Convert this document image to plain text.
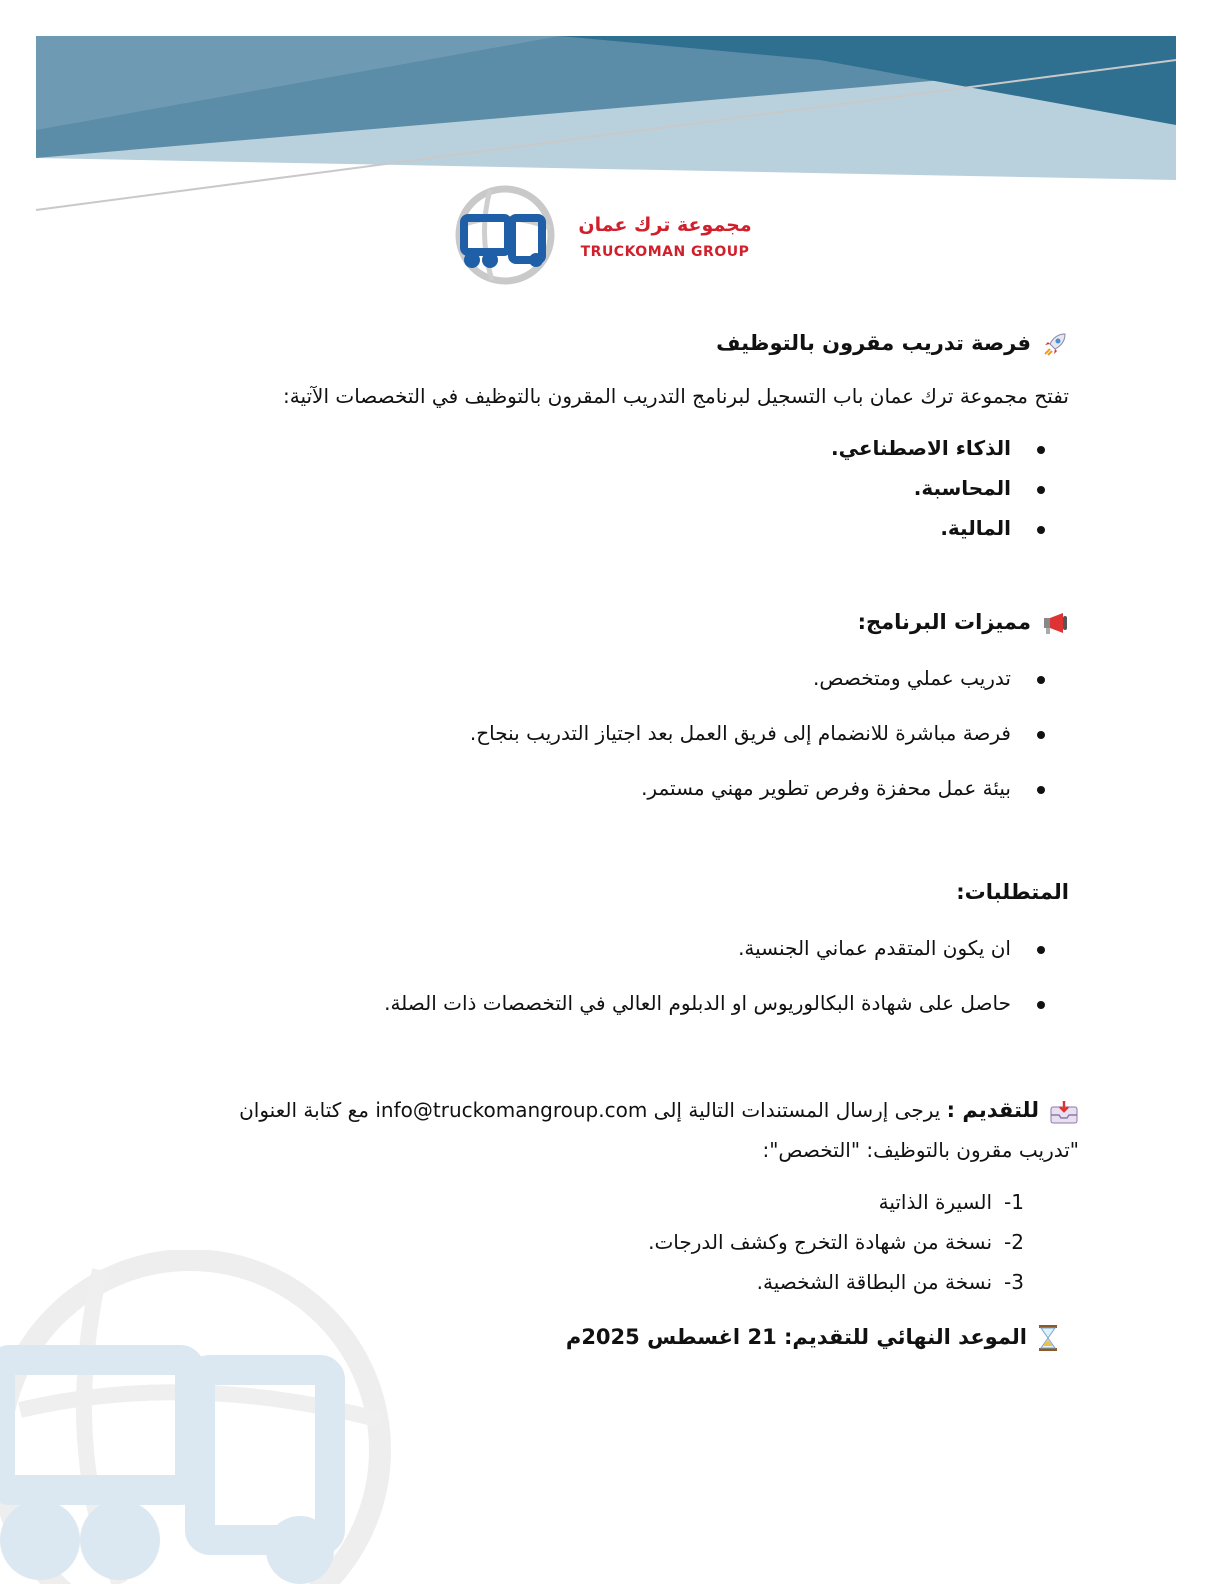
مجموعة ترك عمان
TRUCKOMAN GROUP
فرصة تدريب مقرون بالتوظيف
تفتح مجموعة ترك عمان باب التسجيل لبرنامج التدريب المقرون بالتوظيف في التخصصات الآتية:
الذكاء الاصطناعي.
المحاسبة.
المالية.
مميزات البرنامج:
تدريب عملي ومتخصص.
فرصة مباشرة للانضمام إلى فريق العمل بعد اجتياز التدريب بنجاح.
بيئة عمل محفزة وفرص تطوير مهني مستمر.
المتطلبات:
ان يكون المتقدم عماني الجنسية.
حاصل على شهادة البكالوريوس او الدبلوم العالي في التخصصات ذات الصلة.
للتقديم : يرجى إرسال المستندات التالية إلى info@truckomangroup.com مع كتابة العنوان
"تدريب مقرون بالتوظيف: "التخصص":
1-السيرة الذاتية
2-نسخة من شهادة التخرج وكشف الدرجات.
3-نسخة من البطاقة الشخصية.
الموعد النهائي للتقديم: 21 اغسطس 2025م
